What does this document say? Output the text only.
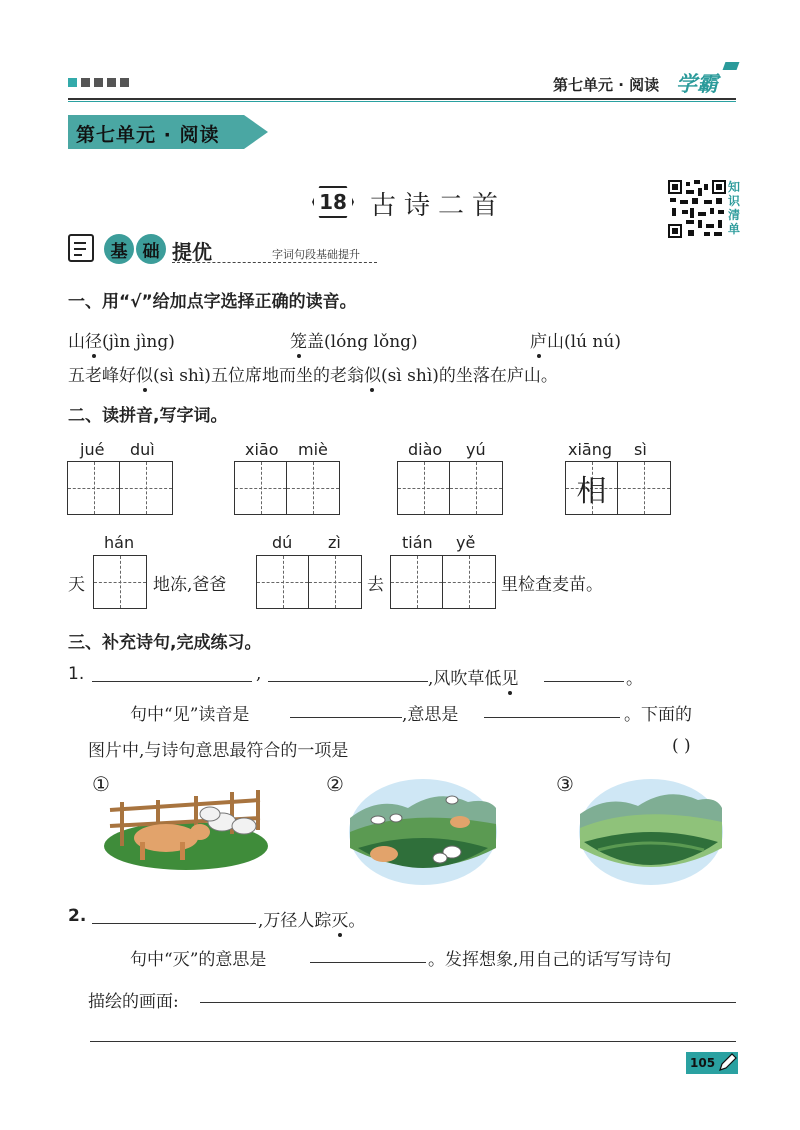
第七单元 · 阅读 学霸
第七单元 · 阅读
18 古诗二首
知识清单
基 础 提优	字词句段基础提升
一、用“√”给加点字选择正确的读音。
山径(jìn jìng)	笼盖(lóng lǒng)	庐山(lú nú)
五老峰好似(sì shì)五位席地而坐的老翁似(sì shì)的坐落在庐山。
二、读拼音,写字词。
jué duì	xiāo miè	diào yú	xiāng sì
相
hán	dú zì	tián yě
天	地冻,爸爸	去	里检查麦苗。
三、补充诗句,完成练习。
1.	,	,风吹草低见	。
句中“见”读音是	,意思是	。下面的
图片中,与诗句意思最符合的一项是	( )
①	②	③
2.	,万径人踪灭。
句中“灭”的意思是	。发挥想象,用自己的话写写诗句
描绘的画面:
105
